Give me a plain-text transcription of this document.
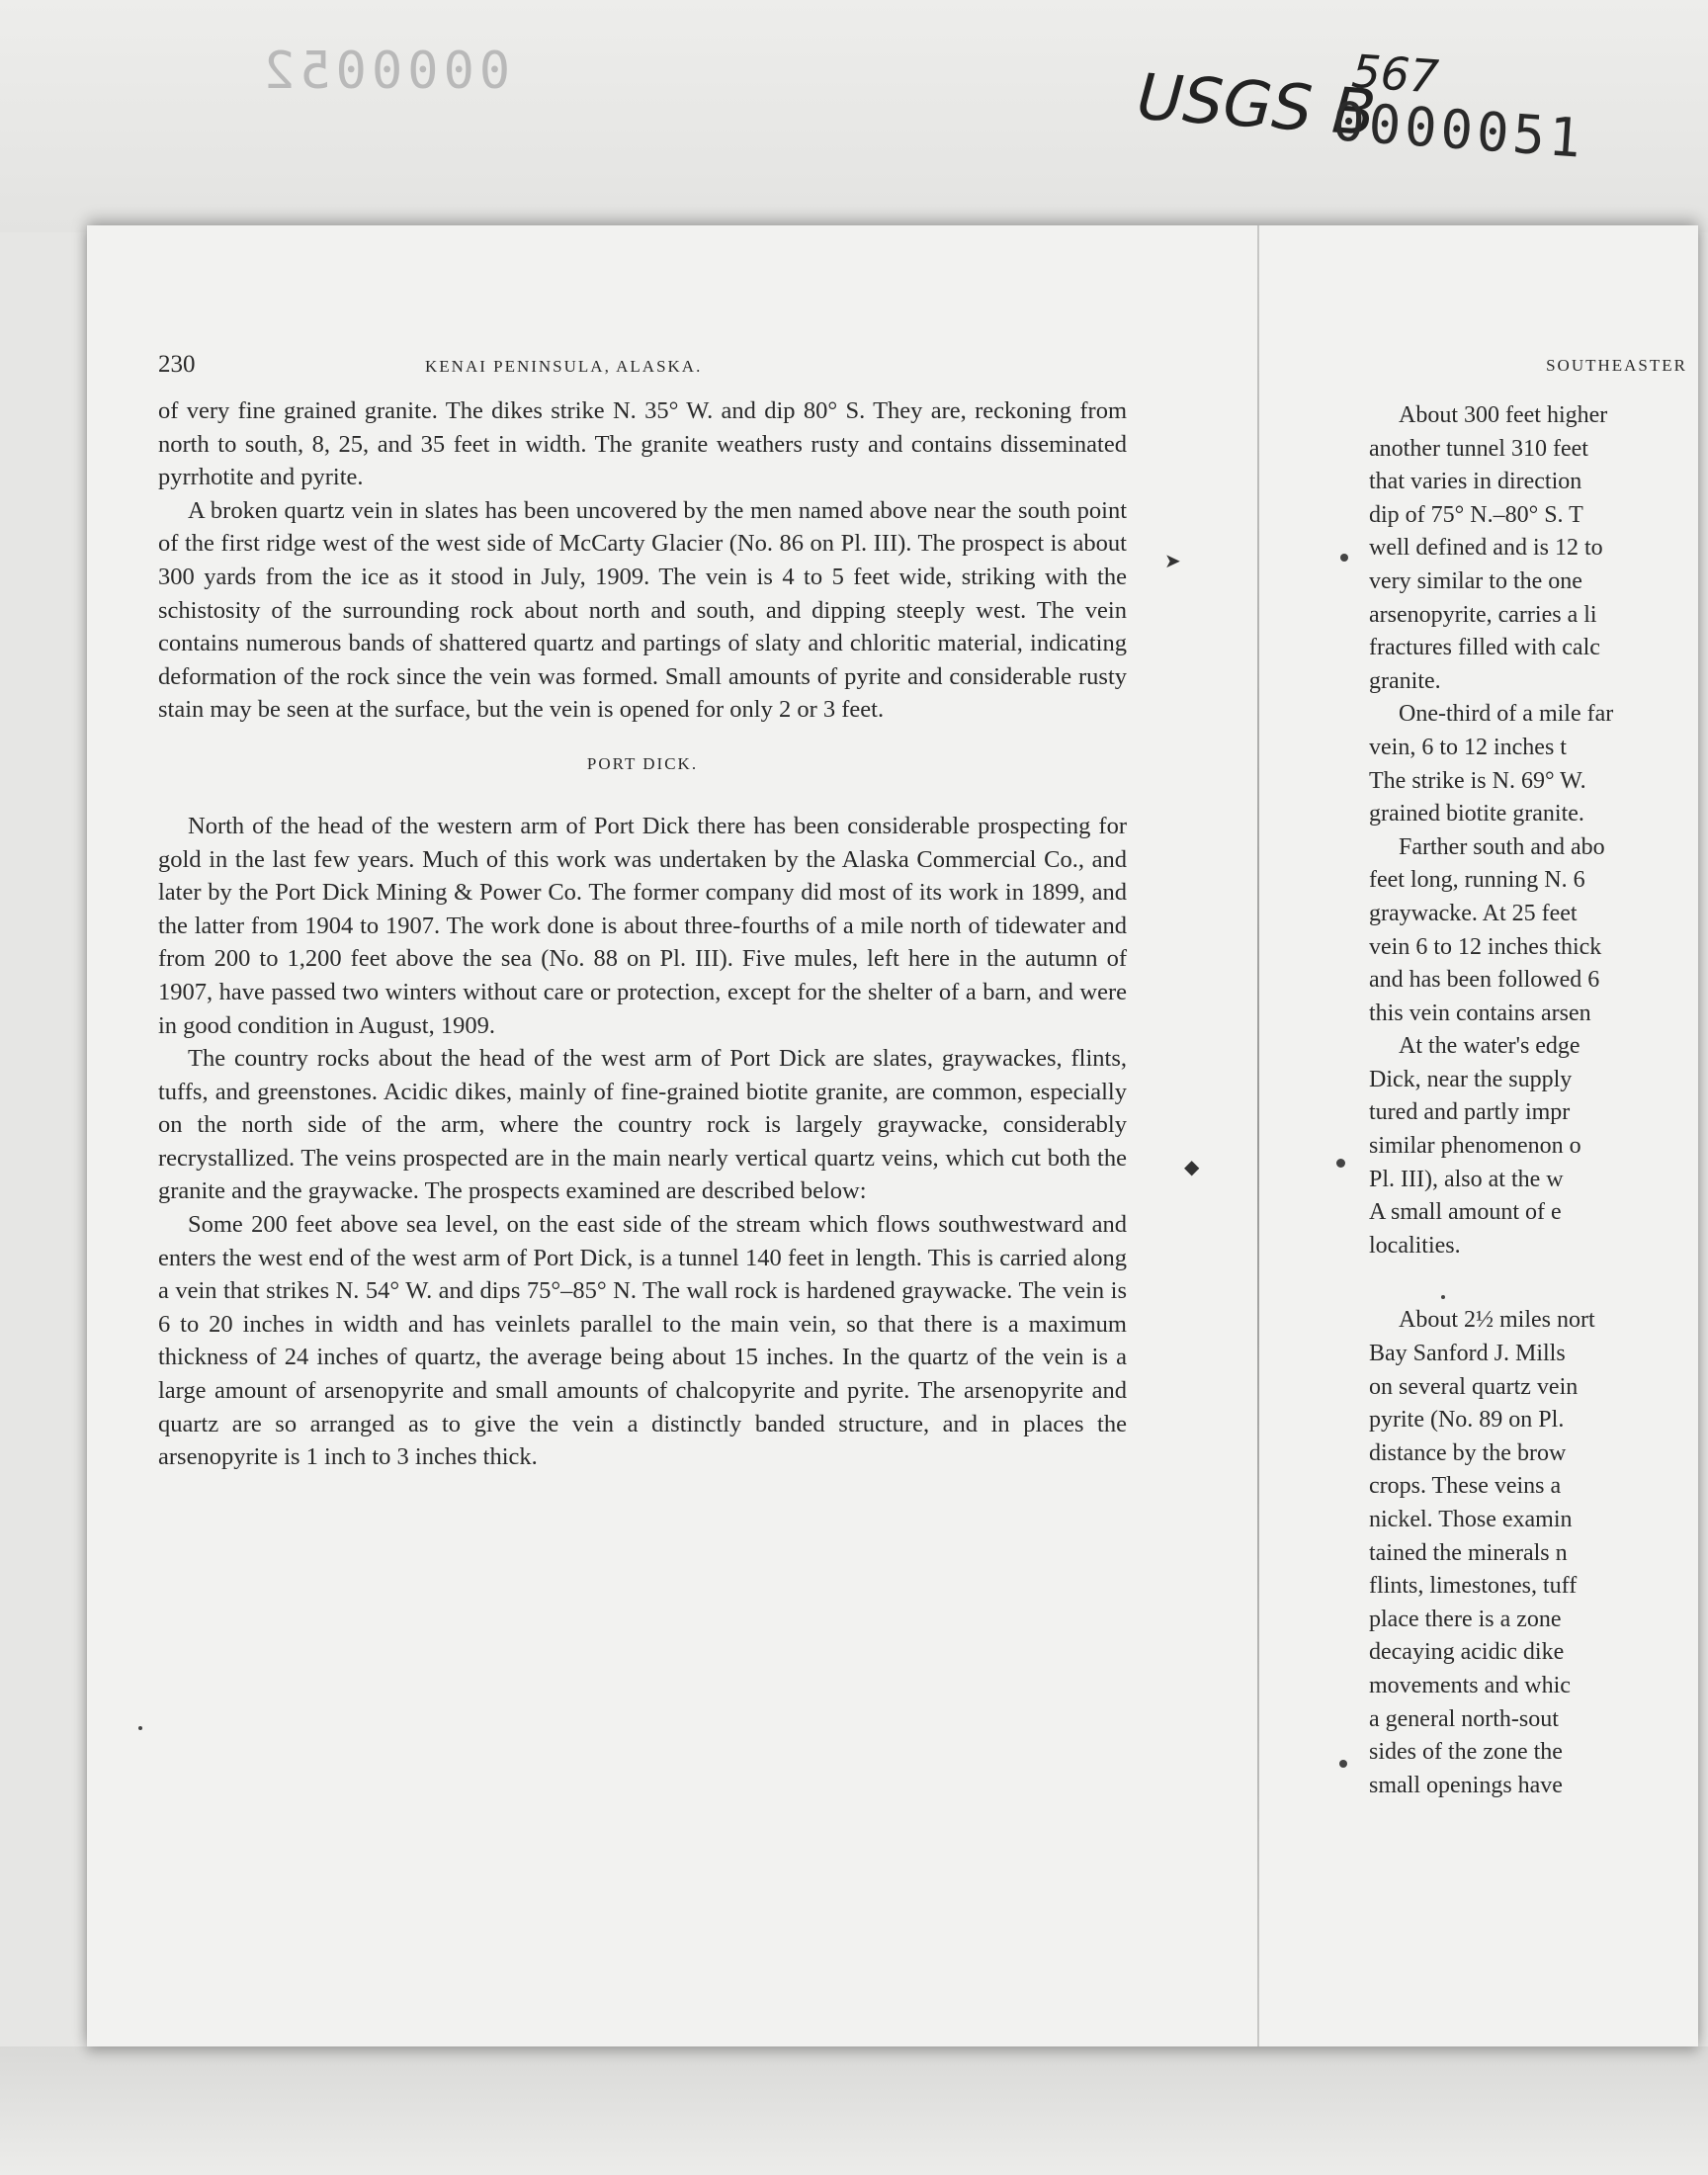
0000052	USGS B
567
0000051
230	KENAI PENINSULA, ALASKA.

of very fine grained granite. The dikes strike N. 35° W. and dip 80° S. They are, reckoning from north to south, 8, 25, and 35 feet in width. The granite weathers rusty and contains disseminated pyrrhotite and pyrite.

A broken quartz vein in slates has been uncovered by the men named above near the south point of the first ridge west of the west side of McCarty Glacier (No. 86 on Pl. III). The prospect is about 300 yards from the ice as it stood in July, 1909. The vein is 4 to 5 feet wide, striking with the schistosity of the surrounding rock about north and south, and dipping steeply west. The vein contains numerous bands of shattered quartz and partings of slaty and chloritic material, indicating deformation of the rock since the vein was formed. Small amounts of pyrite and considerable rusty stain may be seen at the surface, but the vein is opened for only 2 or 3 feet.

PORT DICK.

North of the head of the western arm of Port Dick there has been considerable prospecting for gold in the last few years. Much of this work was undertaken by the Alaska Commercial Co., and later by the Port Dick Mining & Power Co. The former company did most of its work in 1899, and the latter from 1904 to 1907. The work done is about three-fourths of a mile north of tidewater and from 200 to 1,200 feet above the sea (No. 88 on Pl. III). Five mules, left here in the autumn of 1907, have passed two winters without care or protection, except for the shelter of a barn, and were in good condition in August, 1909.

The country rocks about the head of the west arm of Port Dick are slates, graywackes, flints, tuffs, and greenstones. Acidic dikes, mainly of fine-grained biotite granite, are common, especially on the north side of the arm, where the country rock is largely graywacke, considerably recrystallized. The veins prospected are in the main nearly vertical quartz veins, which cut both the granite and the graywacke. The prospects examined are described below:

Some 200 feet above sea level, on the east side of the stream which flows southwestward and enters the west end of the west arm of Port Dick, is a tunnel 140 feet in length. This is carried along a vein that strikes N. 54° W. and dips 75°–85° N. The wall rock is hardened graywacke. The vein is 6 to 20 inches in width and has veinlets parallel to the main vein, so that there is a maximum thickness of 24 inches of quartz, the average being about 15 inches. In the quartz of the vein is a large amount of arsenopyrite and small amounts of chalcopyrite and pyrite. The arsenopyrite and quartz are so arranged as to give the vein a distinctly banded structure, and in places the arsenopyrite is 1 inch to 3 inches thick.

SOUTHEASTER
About 300 feet higher
another tunnel 310 feet
that varies in direction
dip of 75° N.–80° S. T
well defined and is 12 to
very similar to the one
arsenopyrite, carries a li
fractures filled with calc
granite.
One-third of a mile far
vein, 6 to 12 inches t
The strike is N. 69° W.
grained biotite granite.
Farther south and abo
feet long, running N. 6
graywacke. At 25 feet
vein 6 to 12 inches thick
and has been followed 6
this vein contains arsen
At the water's edge
Dick, near the supply
tured and partly impr
similar phenomenon o
Pl. III), also at the w
A small amount of e
localities.
About 2½ miles nort
Bay Sanford J. Mills
on several quartz vein
pyrite (No. 89 on Pl.
distance by the brow
crops. These veins a
nickel. Those examin
tained the minerals n
flints, limestones, tuff
place there is a zone
decaying acidic dike
movements and whic
a general north-sout
sides of the zone the
small openings have
➤
◆
